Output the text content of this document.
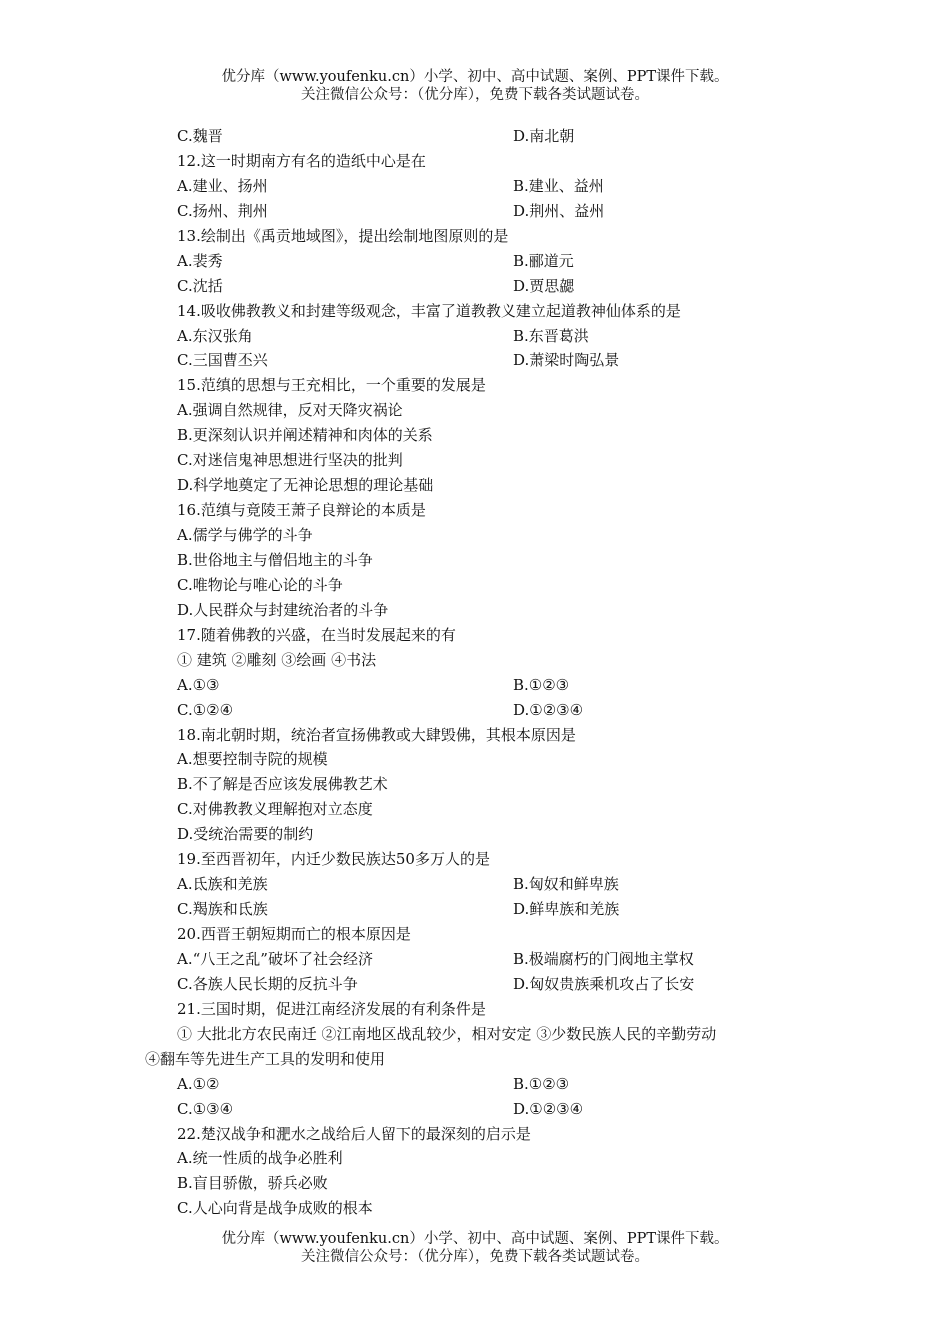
优分库（www.youfenku.cn）小学、初中、高中试题、案例、PPT课件下载。
关注微信公众号：（优分库），免费下载各类试题试卷。
C.魏晋	D.南北朝
12.这一时期南方有名的造纸中心是在
A.建业、扬州	B.建业、益州
C.扬州、荆州	D.荆州、益州
13.绘制出《禹贡地域图》，提出绘制地图原则的是
A.裴秀	B.郦道元
C.沈括	D.贾思勰
14.吸收佛教教义和封建等级观念，丰富了道教教义建立起道教神仙体系的是
A.东汉张角	B.东晋葛洪
C.三国曹丕兴	D.萧梁时陶弘景
15.范缜的思想与王充相比，一个重要的发展是
A.强调自然规律，反对天降灾祸论
B.更深刻认识并阐述精神和肉体的关系
C.对迷信鬼神思想进行坚决的批判
D.科学地奠定了无神论思想的理论基础
16.范缜与竟陵王萧子良辩论的本质是
A.儒学与佛学的斗争
B.世俗地主与僧侣地主的斗争
C.唯物论与唯心论的斗争
D.人民群众与封建统治者的斗争
17.随着佛教的兴盛，在当时发展起来的有
① 建筑 ②雕刻 ③绘画 ④书法
A.①③	B.①②③
C.①②④	D.①②③④
18.南北朝时期，统治者宣扬佛教或大肆毁佛，其根本原因是
A.想要控制寺院的规模
B.不了解是否应该发展佛教艺术
C.对佛教教义理解抱对立态度
D.受统治需要的制约
19.至西晋初年，内迁少数民族达50多万人的是
A.氐族和羌族	B.匈奴和鲜卑族
C.羯族和氐族	D.鲜卑族和羌族
20.西晋王朝短期而亡的根本原因是
A.“八王之乱”破坏了社会经济	B.极端腐朽的门阀地主掌权
C.各族人民长期的反抗斗争	D.匈奴贵族乘机攻占了长安
21.三国时期，促进江南经济发展的有利条件是
① 大批北方农民南迁 ②江南地区战乱较少，相对安定 ③少数民族人民的辛勤劳动
④翻车等先进生产工具的发明和使用
A.①②	B.①②③
C.①③④	D.①②③④
22.楚汉战争和淝水之战给后人留下的最深刻的启示是
A.统一性质的战争必胜利
B.盲目骄傲，骄兵必败
C.人心向背是战争成败的根本
优分库（www.youfenku.cn）小学、初中、高中试题、案例、PPT课件下载。
关注微信公众号：（优分库），免费下载各类试题试卷。
